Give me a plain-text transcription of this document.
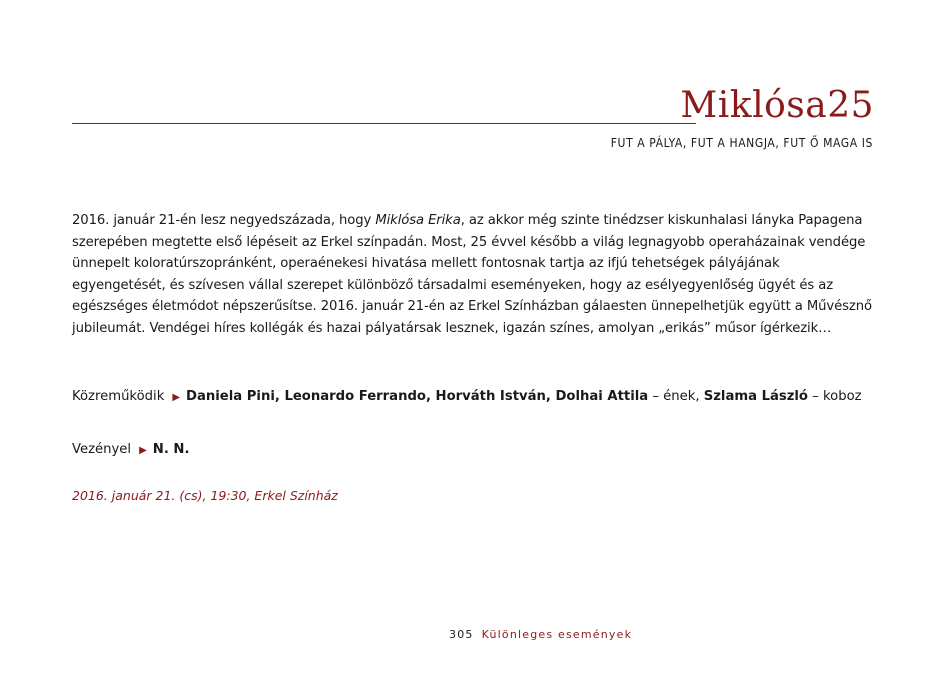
Miklósa25
FUT A PÁLYA, FUT A HANGJA, FUT Ő MAGA IS

2016. január 21-én lesz negyedszázada, hogy Miklósa Erika, az akkor még szinte tinédzser kiskunhalasi lányka Papagena szerepében megtette első lépéseit az Erkel színpadán. Most, 25 évvel később a világ legnagyobb operaházainak vendége ünnepelt koloratúrszopránként, operaénekesi hivatása mellett fontosnak tartja az ifjú tehetségek pályájának egyengetését, és szívesen vállal szerepet különböző társadalmi eseményeken, hogy az esélyegyenlőség ügyét és az egészséges életmódot népszerűsítse. 2016. január 21-én az Erkel Színházban gálaesten ünnepelhetjük együtt a Művésznő jubileumát. Vendégei híres kollégák és hazai pályatársak lesznek, igazán színes, amolyan „erikás” műsor ígérkezik…

Közreműködik ▶ Daniela Pini, Leonardo Ferrando, Horváth István, Dolhai Attila – ének, Szlama László – koboz
Vezényel ▶ N. N.
2016. január 21. (cs), 19:30, Erkel Színház
305 Különleges események
